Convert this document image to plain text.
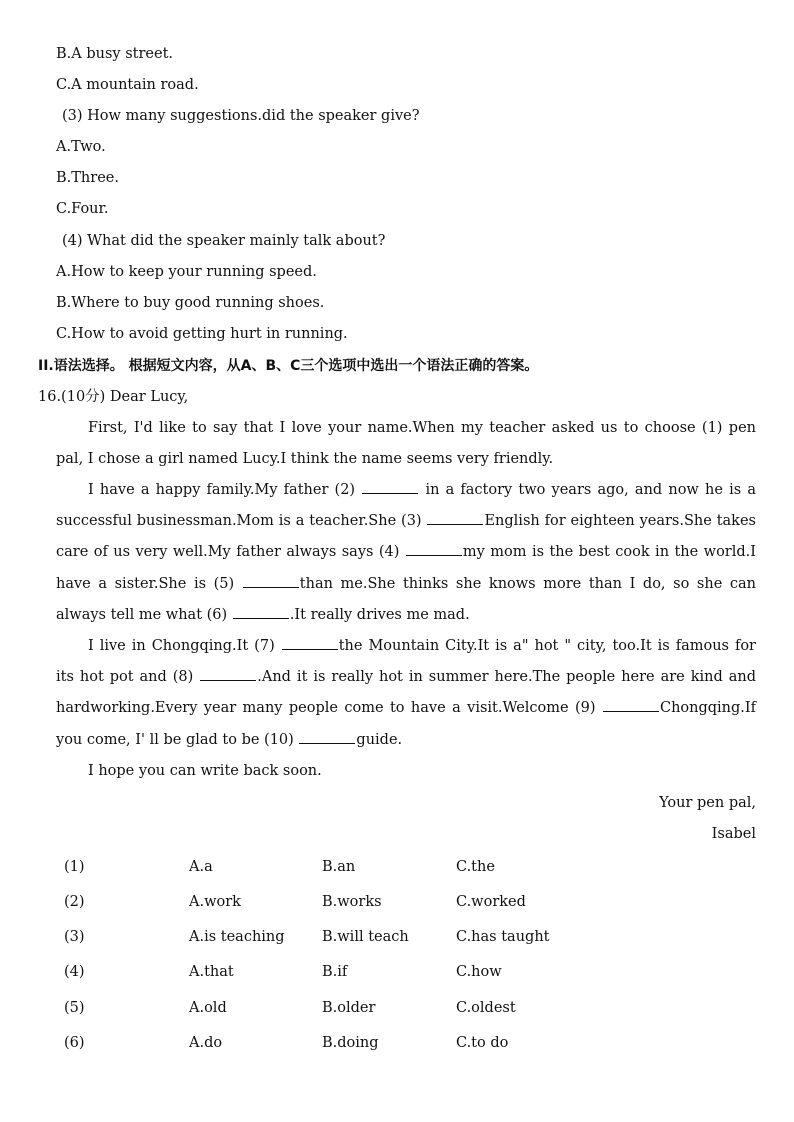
B.A busy street.
C.A mountain road.
(3) How many suggestions.did the speaker give?
A.Two.
B.Three.
C.Four.
(4) What did the speaker mainly talk about?
A.How to keep your running speed.
B.Where to buy good running shoes.
C.How to avoid getting hurt in running.
II.语法选择。 根据短文内容，从A、B、C三个选项中选出一个语法正确的答案。
16.(10分) Dear Lucy,
First, I'd like to say that I love your name.When my teacher asked us to choose (1) pen pal, I chose a girl named Lucy.I think the name seems very friendly.
I have a happy family.My father (2)	in a factory two years ago, and now he is a successful businessman.Mom is a teacher.She (3)	English for eighteen years.She takes care of us very well.My father always says (4)	my mom is the best cook in the world.I have a sister.She is (5)	than me.She thinks she knows more than I do, so she can always tell me what (6)	.It really drives me mad.
I live in Chongqing.It (7)	the Mountain City.It is a" hot " city, too.It is famous for its hot pot and (8)	.And it is really hot in summer here.The people here are kind and hardworking.Every year many people come to have a visit.Welcome (9)	Chongqing.If you come, I' ll be glad to be (10)	guide.
I hope you can write back soon.
Your pen pal,
Isabel
(1)	A.a	B.an	C.the
(2)	A.work	B.works	C.worked
(3)	A.is teaching	B.will teach	C.has taught
(4)	A.that	B.if	C.how
(5)	A.old	B.older	C.oldest
(6)	A.do	B.doing	C.to do
